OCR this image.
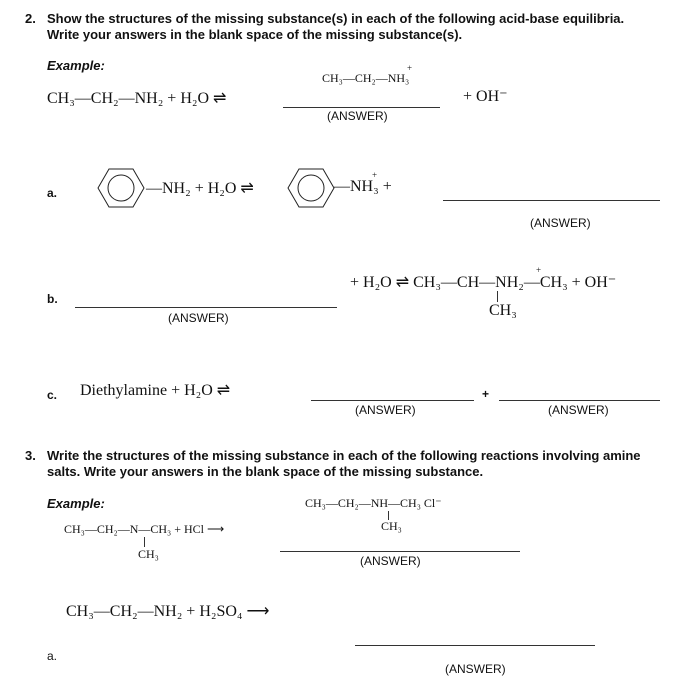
2. Show the structures of the missing substance(s) in each of the following acid-base equilibria.
Write your answers in the blank space of the missing substance(s).
Example:
CH₃—CH₂—NH₂ + H₂O ⇌
CH₃—CH₂—NH₃
+
(ANSWER)
+ OH⁻
a.	—NH₂ + H₂O ⇌	—NH₃ +
+
(ANSWER)
b.
(ANSWER)
+ H₂O ⇌ CH₃—CH—NH₂—CH₃ + OH⁻
+
CH₃
c. Diethylamine + H₂O ⇌	+
(ANSWER)	(ANSWER)
3. Write the structures of the missing substance in each of the following reactions involving amine
salts. Write your answers in the blank space of the missing substance.
Example:
CH₃—CH₂—N—CH₃ + HCl ⟶
CH₃
CH₃—CH₂—NH—CH₃ Cl⁻
CH₃
(ANSWER)
CH₃—CH₂—NH₂ + H₂SO₄ ⟶
a.
(ANSWER)
